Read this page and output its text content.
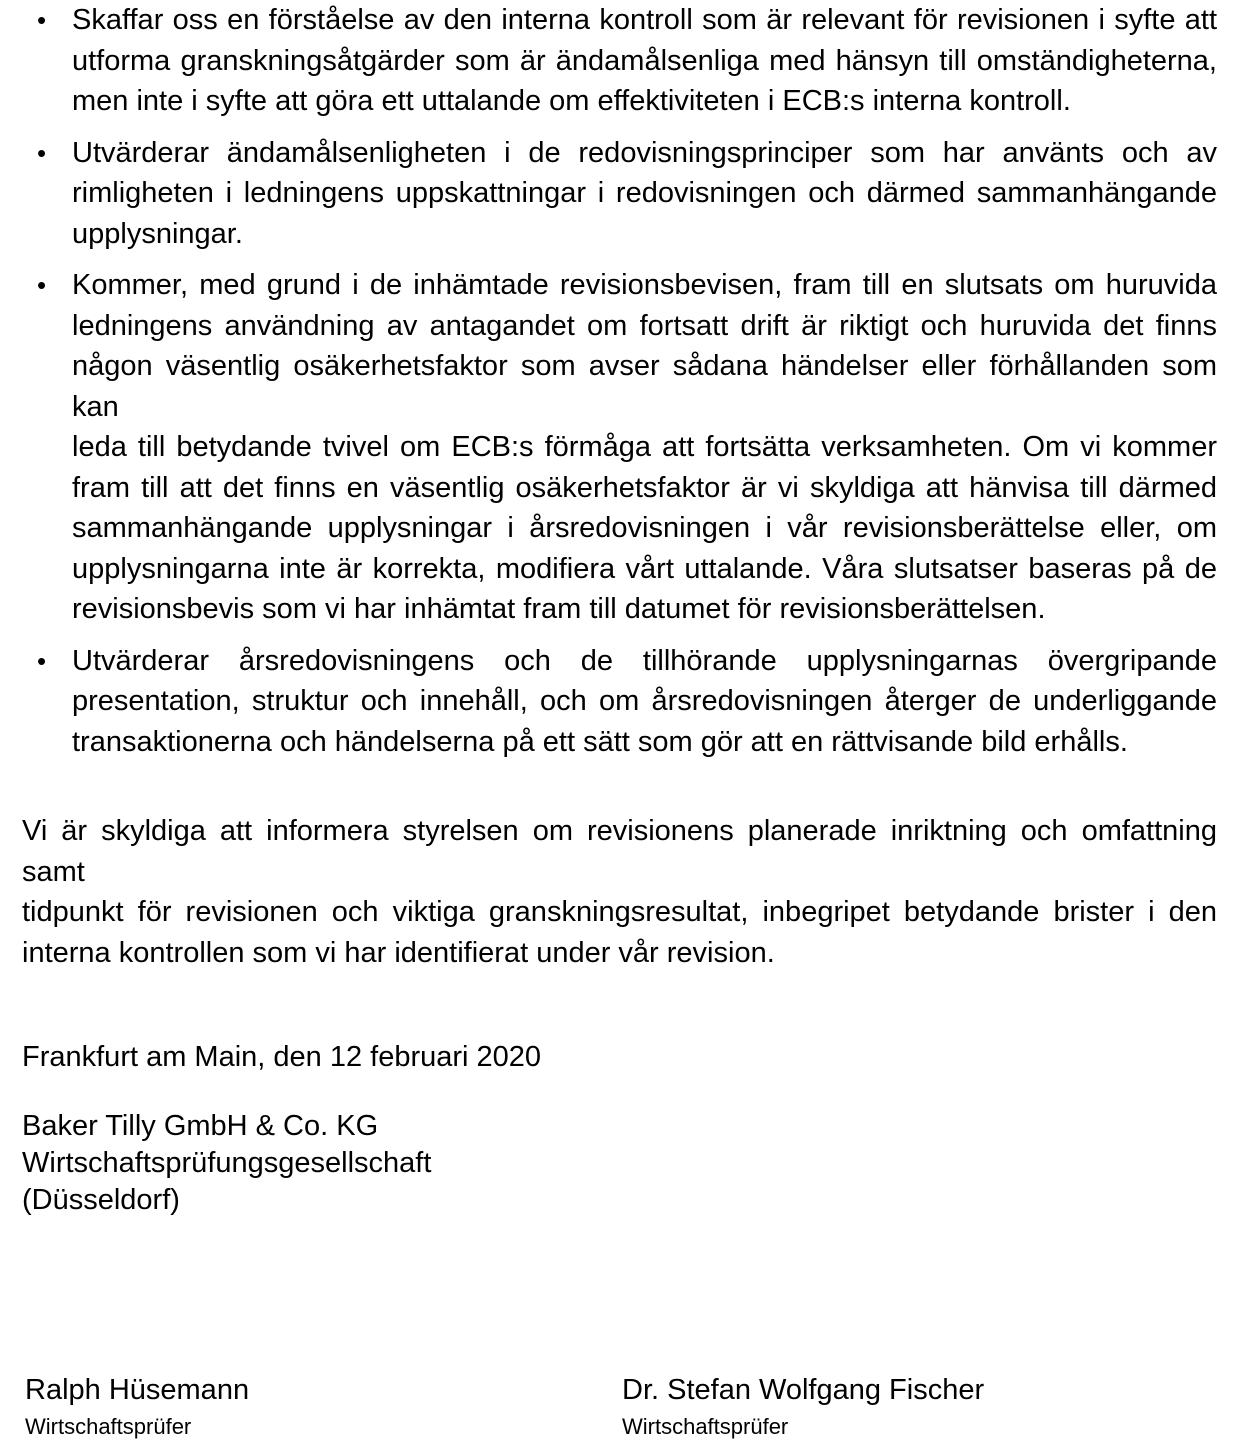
• Skaffar oss en förståelse av den interna kontroll som är relevant för revisionen i syfte att
utforma granskningsåtgärder som är ändamålsenliga med hänsyn till omständigheterna,
men inte i syfte att göra ett uttalande om effektiviteten i ECB:s interna kontroll.
• Utvärderar ändamålsenligheten i de redovisningsprinciper som har använts och av
rimligheten i ledningens uppskattningar i redovisningen och därmed sammanhängande
upplysningar.
• Kommer, med grund i de inhämtade revisionsbevisen, fram till en slutsats om huruvida
ledningens användning av antagandet om fortsatt drift är riktigt och huruvida det finns
någon väsentlig osäkerhetsfaktor som avser sådana händelser eller förhållanden som kan
leda till betydande tvivel om ECB:s förmåga att fortsätta verksamheten. Om vi kommer
fram till att det finns en väsentlig osäkerhetsfaktor är vi skyldiga att hänvisa till därmed
sammanhängande upplysningar i årsredovisningen i vår revisionsberättelse eller, om
upplysningarna inte är korrekta, modifiera vårt uttalande. Våra slutsatser baseras på de
revisionsbevis som vi har inhämtat fram till datumet för revisionsberättelsen.
• Utvärderar årsredovisningens och de tillhörande upplysningarnas övergripande
presentation, struktur och innehåll, och om årsredovisningen återger de underliggande
transaktionerna och händelserna på ett sätt som gör att en rättvisande bild erhålls.
Vi är skyldiga att informera styrelsen om revisionens planerade inriktning och omfattning samt
tidpunkt för revisionen och viktiga granskningsresultat, inbegripet betydande brister i den
interna kontrollen som vi har identifierat under vår revision.
Frankfurt am Main, den 12 februari 2020
Baker Tilly GmbH & Co. KG
Wirtschaftsprüfungsgesellschaft
(Düsseldorf)
Ralph Hüsemann
Wirtschaftsprüfer
Dr. Stefan Wolfgang Fischer
Wirtschaftsprüfer
